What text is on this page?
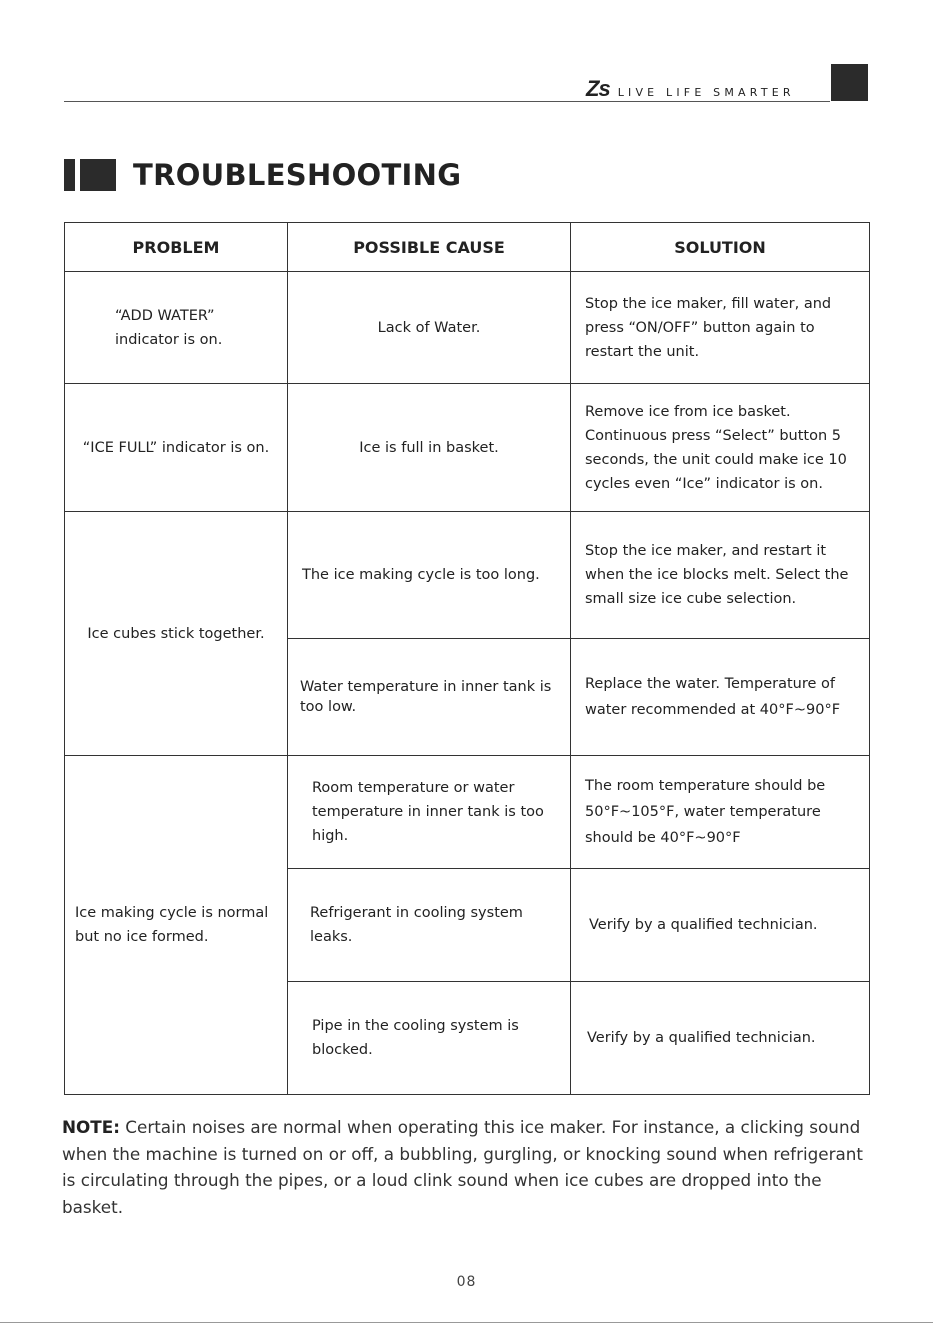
Zs LIVE LIFE SMARTER
TROUBLESHOOTING
PROBLEM	POSSIBLE CAUSE	SOLUTION

“ADD WATER” indicator is on.	Lack of Water.	Stop the ice maker, fill water, and press “ON/OFF” button again to restart the unit.

“ICE FULL” indicator is on.	Ice is full in basket.	Remove ice from ice basket. Continuous press “Select” button 5 seconds, the unit could make ice 10 cycles even “Ice” indicator is on.

Ice cubes stick together.	The ice making cycle is too long.	Stop the ice maker, and restart it when the ice blocks melt. Select the small size ice cube selection.

	Water temperature in inner tank is too low.	Replace the water. Temperature of water recommended at 40°F~90°F

Ice making cycle is normal but no ice formed.	Room temperature or water temperature in inner tank is too high.	The room temperature should be 50°F~105°F, water temperature should be 40°F~90°F

	Refrigerant in cooling system leaks.	Verify by a qualified technician.

	Pipe in the cooling system is blocked.	Verify by a qualified technician.
NOTE: Certain noises are normal when operating this ice maker. For instance, a clicking sound when the machine is turned on or off, a bubbling, gurgling, or knocking sound when refrigerant is circulating through the pipes, or a loud clink sound when ice cubes are dropped into the basket.
08
